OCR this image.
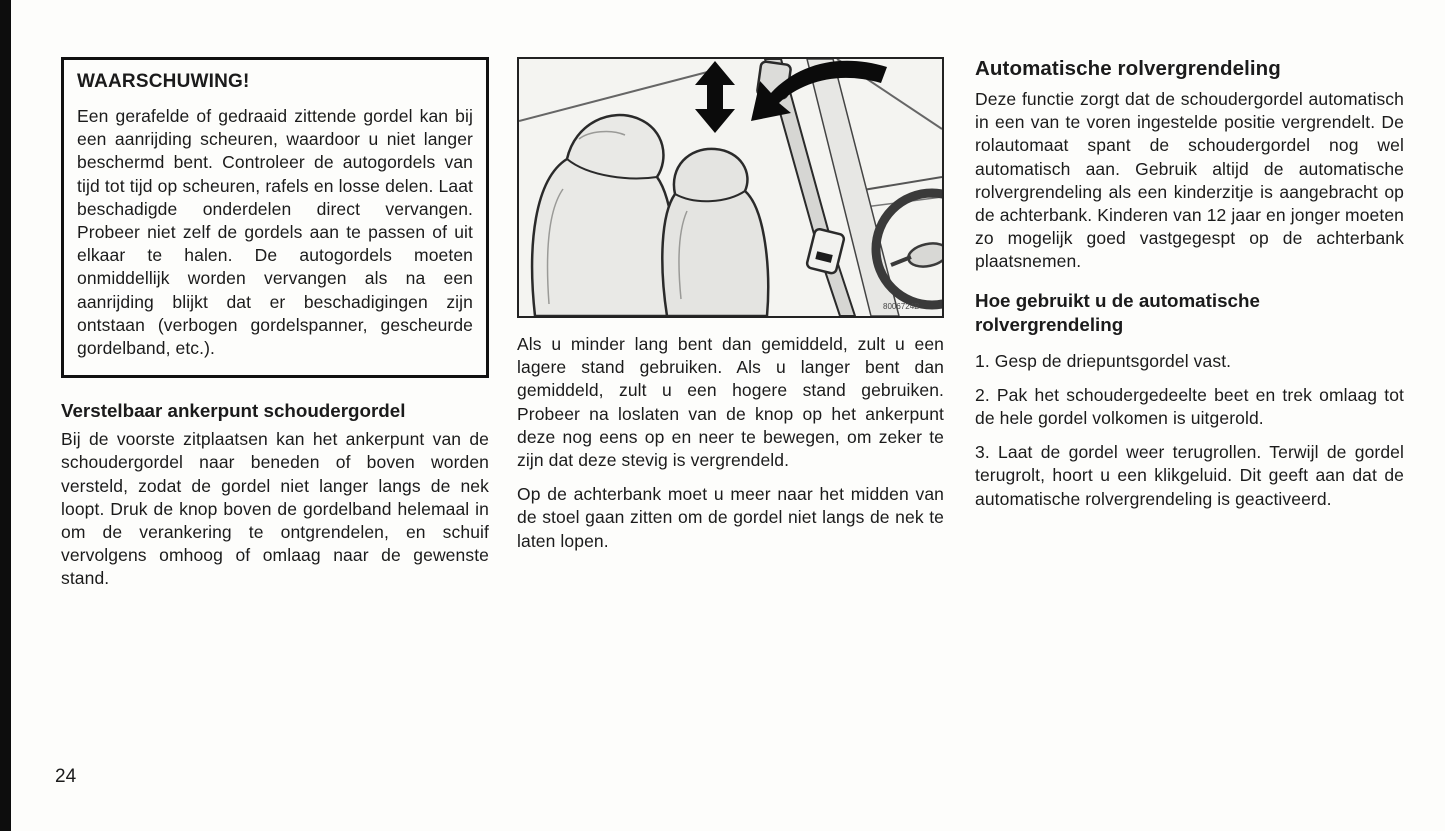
WAARSCHUWING!

Een gerafelde of gedraaid zittende gordel kan bij een aanrijding scheuren, waardoor u niet langer beschermd bent. Controleer de autogordels van tijd tot tijd op scheuren, rafels en losse delen. Laat beschadigde onderdelen direct vervangen. Probeer niet zelf de gordels aan te passen of uit elkaar te halen. De autogordels moeten onmiddellijk worden vervangen als na een aanrijding blijkt dat er beschadigingen zijn ontstaan (verbogen gordelspanner, gescheurde gordelband, etc.).

Verstelbaar ankerpunt schoudergordel

Bij de voorste zitplaatsen kan het ankerpunt van de schoudergordel naar beneden of boven worden versteld, zodat de gordel niet langer langs de nek loopt. Druk de knop boven de gordelband helemaal in om de verankering te ontgrendelen, en schuif vervolgens omhoog of omlaag naar de gewenste stand.

8006724B

Als u minder lang bent dan gemiddeld, zult u een lagere stand gebruiken. Als u langer bent dan gemiddeld, zult u een hogere stand gebruiken. Probeer na loslaten van de knop op het ankerpunt deze nog eens op en neer te bewegen, om zeker te zijn dat deze stevig is vergrendeld.

Op de achterbank moet u meer naar het midden van de stoel gaan zitten om de gordel niet langs de nek te laten lopen.

Automatische rolvergrendeling

Deze functie zorgt dat de schoudergordel automatisch in een van te voren ingestelde positie vergrendelt. De rolautomaat spant de schoudergordel nog wel automatisch aan. Gebruik altijd de automatische rolvergrendeling als een kinderzitje is aangebracht op de achterbank. Kinderen van 12 jaar en jonger moeten zo mogelijk goed vastgegespt op de achterbank plaatsnemen.

Hoe gebruikt u de automatische rolvergrendeling

1. Gesp de driepuntsgordel vast.

2. Pak het schoudergedeelte beet en trek omlaag tot de hele gordel volkomen is uitgerold.

3. Laat de gordel weer terugrollen. Terwijl de gordel terugrolt, hoort u een klikgeluid. Dit geeft aan dat de automatische rolvergrendeling is geactiveerd.

24
